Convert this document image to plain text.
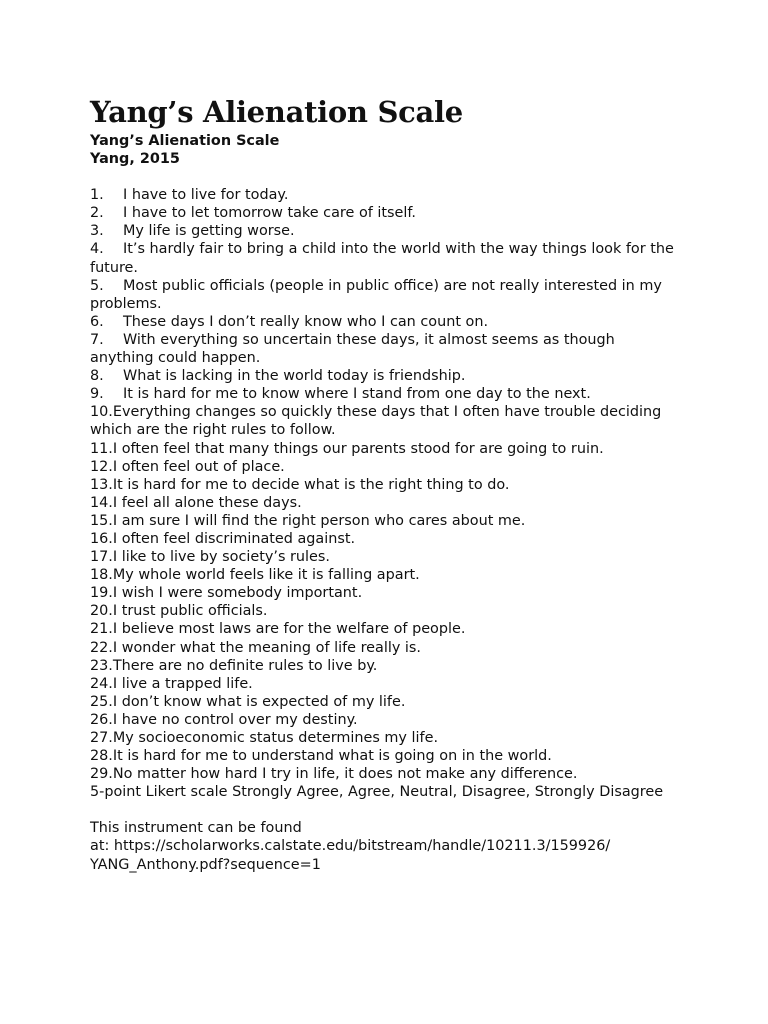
Yang’s Alienation Scale

Yang’s Alienation Scale

Yang, 2015

1. I have to live for today.

2. I have to let tomorrow take care of itself.

3. My life is getting worse.

4. It’s hardly fair to bring a child into the world with the way things look for the future.

5. Most public officials (people in public office) are not really interested in my problems.

6. These days I don’t really know who I can count on.

7. With everything so uncertain these days, it almost seems as though anything could happen.

8. What is lacking in the world today is friendship.

9. It is hard for me to know where I stand from one day to the next.

10.Everything changes so quickly these days that I often have trouble deciding which are the right rules to follow.

11.I often feel that many things our parents stood for are going to ruin.

12.I often feel out of place.

13.It is hard for me to decide what is the right thing to do.

14.I feel all alone these days.

15.I am sure I will find the right person who cares about me.

16.I often feel discriminated against.

17.I like to live by society’s rules.

18.My whole world feels like it is falling apart.

19.I wish I were somebody important.

20.I trust public officials.

21.I believe most laws are for the welfare of people.

22.I wonder what the meaning of life really is.

23.There are no definite rules to live by.

24.I live a trapped life.

25.I don’t know what is expected of my life.

26.I have no control over my destiny.

27.My socioeconomic status determines my life.

28.It is hard for me to understand what is going on in the world.

29.No matter how hard I try in life, it does not make any difference.

5-point Likert scale Strongly Agree, Agree, Neutral, Disagree, Strongly Disagree

This instrument can be found

at: https://scholarworks.calstate.edu/bitstream/handle/10211.3/159926/

YANG_Anthony.pdf?sequence=1
